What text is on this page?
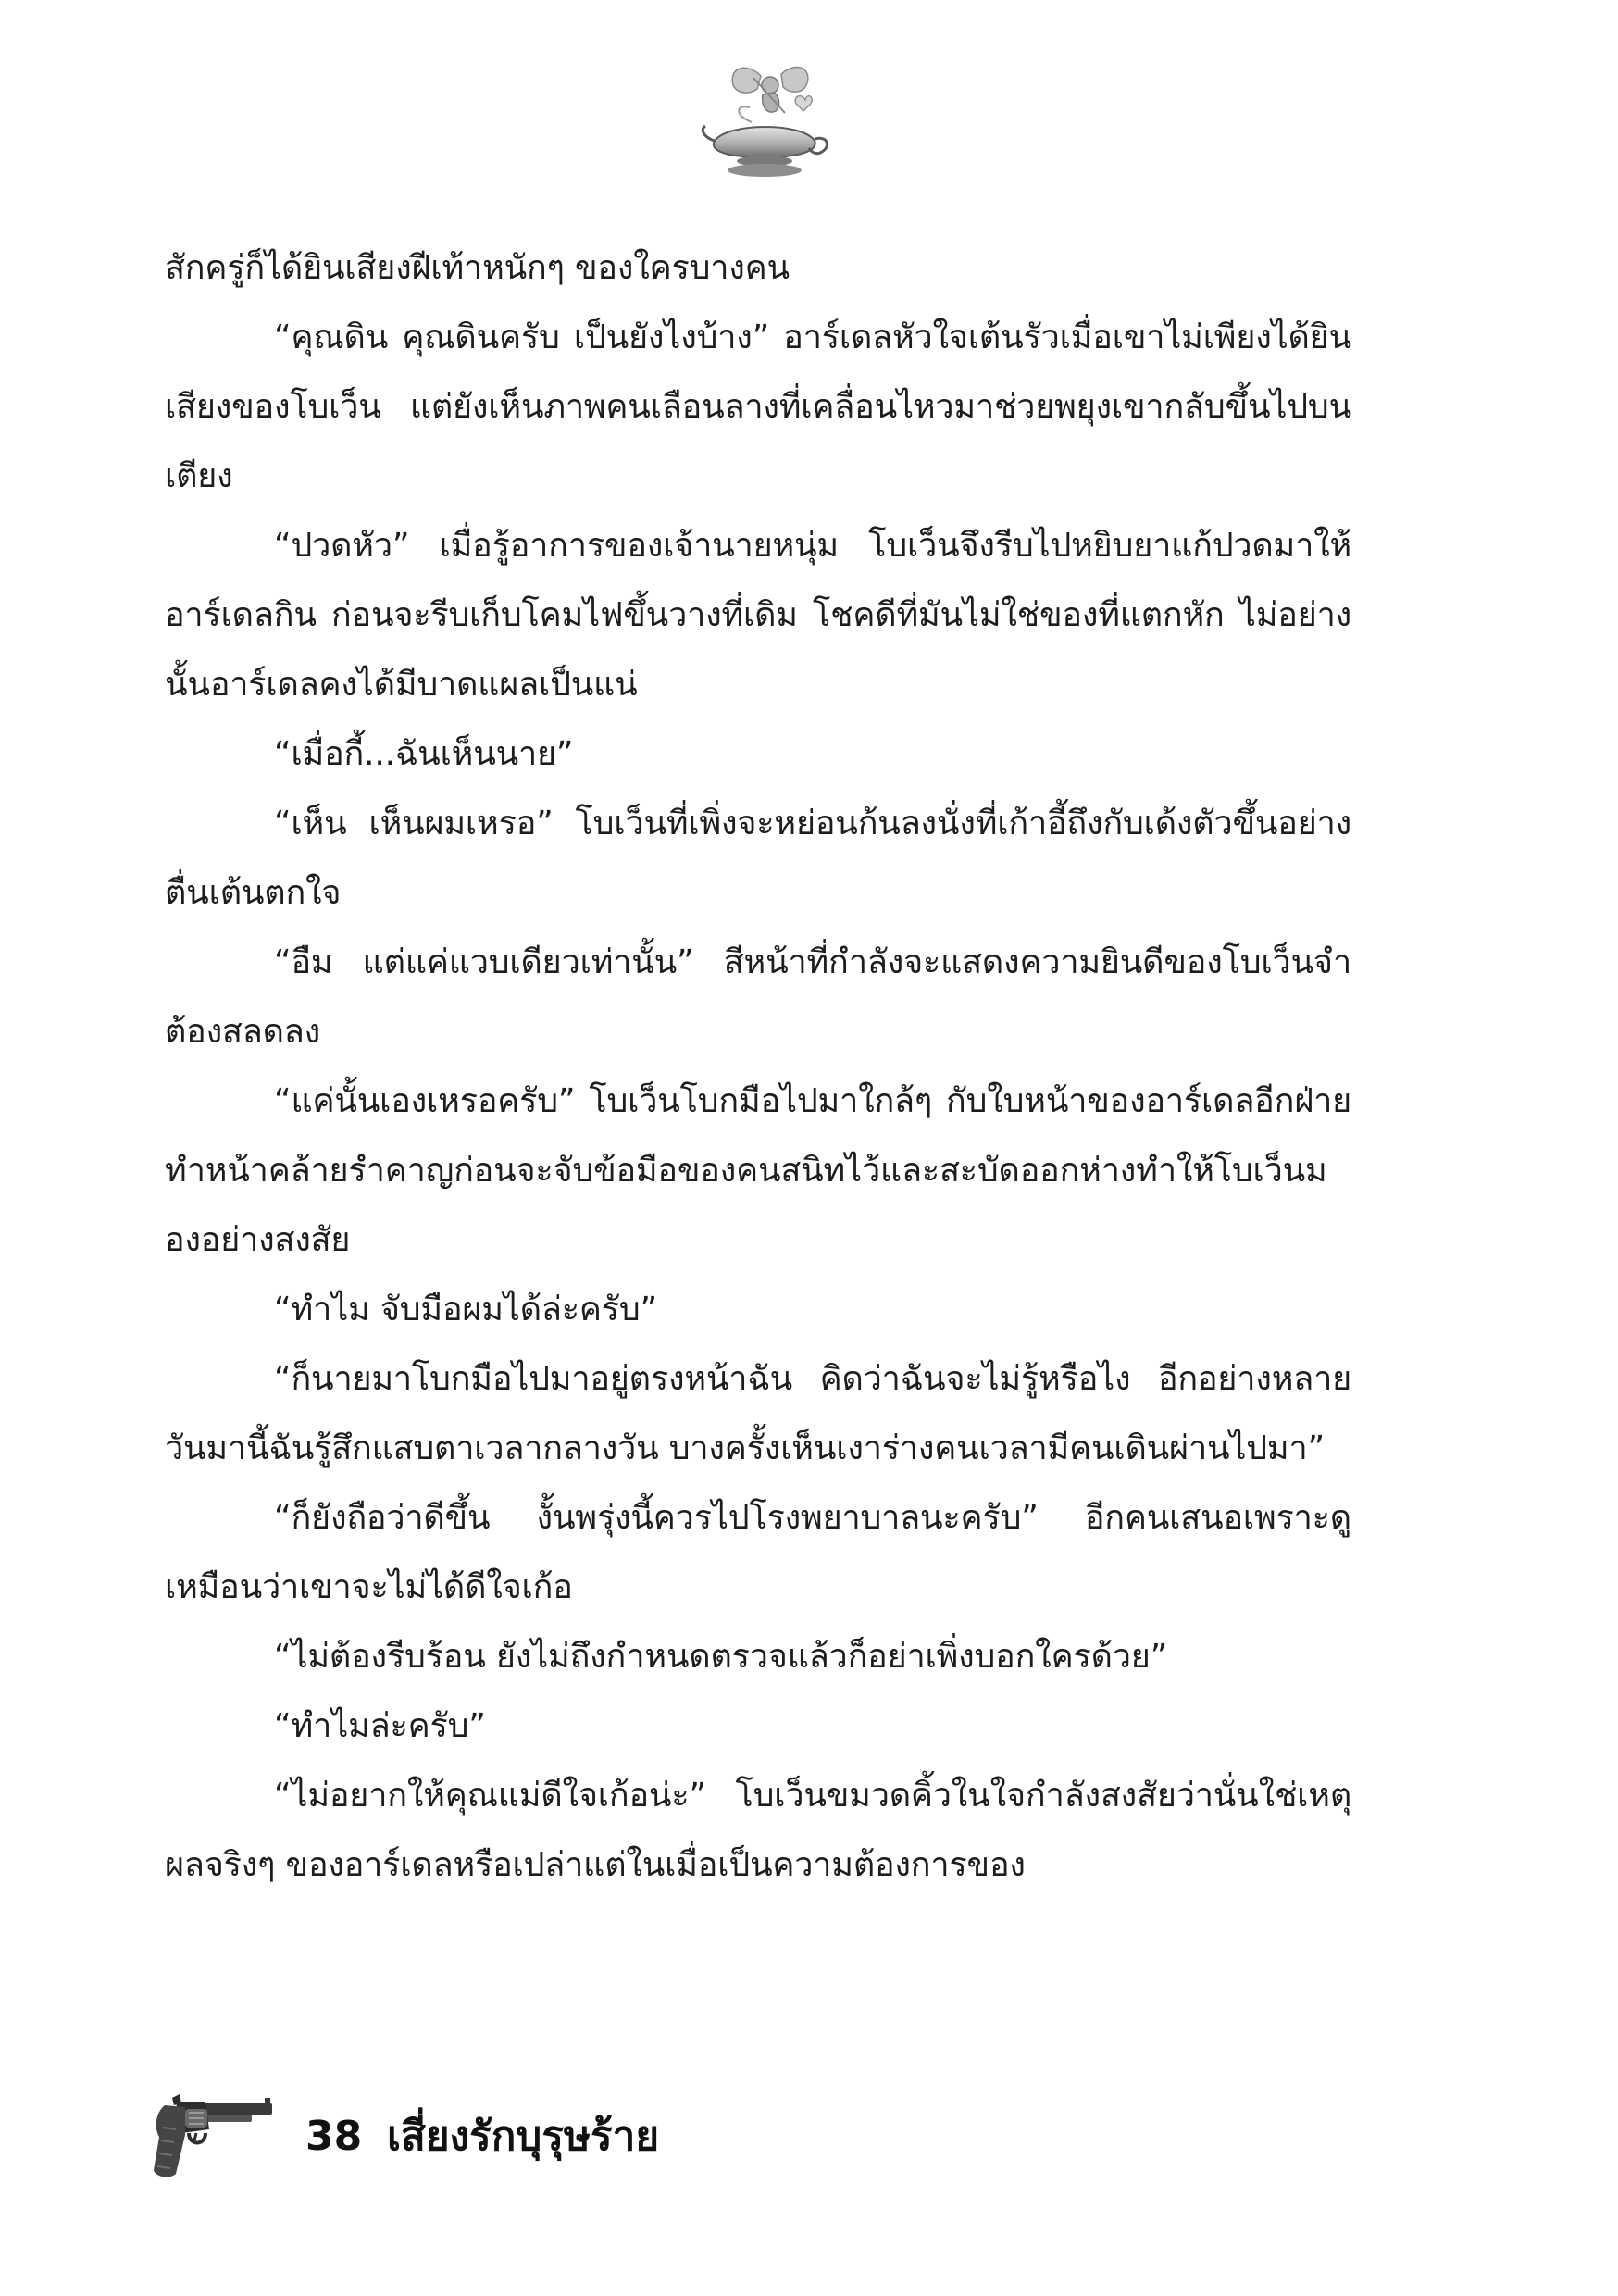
สักครู่ก็ได้ยินเสียงฝีเท้าหนักๆ ของใครบางคน

“คุณดิน คุณดินครับ เป็นยังไงบ้าง” อาร์เดลหัวใจเต้นรัวเมื่อเขาไม่เพียงได้ยินเสียงของโบเว็น แต่ยังเห็นภาพคนเลือนลางที่เคลื่อนไหวมาช่วยพยุงเขากลับขึ้นไปบนเตียง

“ปวดหัว” เมื่อรู้อาการของเจ้านายหนุ่ม โบเว็นจึงรีบไปหยิบยาแก้ปวดมาให้อาร์เดลกิน ก่อนจะรีบเก็บโคมไฟขึ้นวางที่เดิม โชคดีที่มันไม่ใช่ของที่แตกหัก ไม่อย่างนั้นอาร์เดลคงได้มีบาดแผลเป็นแน่

“เมื่อกี้...ฉันเห็นนาย”

“เห็น เห็นผมเหรอ” โบเว็นที่เพิ่งจะหย่อนก้นลงนั่งที่เก้าอี้ถึงกับเด้งตัวขึ้นอย่างตื่นเต้นตกใจ

“อืม แต่แค่แวบเดียวเท่านั้น” สีหน้าที่กำลังจะแสดงความยินดีของโบเว็นจำต้องสลดลง

“แค่นั้นเองเหรอครับ” โบเว็นโบกมือไปมาใกล้ๆ กับใบหน้าของอาร์เดลอีกฝ่ายทำหน้าคล้ายรำคาญก่อนจะจับข้อมือของคนสนิทไว้และสะบัดออกห่างทำให้โบเว็นมองอย่างสงสัย

“ทำไม จับมือผมได้ล่ะครับ”

“ก็นายมาโบกมือไปมาอยู่ตรงหน้าฉัน คิดว่าฉันจะไม่รู้หรือไง อีกอย่างหลายวันมานี้ฉันรู้สึกแสบตาเวลากลางวัน บางครั้งเห็นเงาร่างคนเวลามีคนเดินผ่านไปมา”

“ก็ยังถือว่าดีขึ้น งั้นพรุ่งนี้ควรไปโรงพยาบาลนะครับ” อีกคนเสนอเพราะดูเหมือนว่าเขาจะไม่ได้ดีใจเก้อ

“ไม่ต้องรีบร้อน ยังไม่ถึงกำหนดตรวจแล้วก็อย่าเพิ่งบอกใครด้วย”

“ทำไมล่ะครับ”

“ไม่อยากให้คุณแม่ดีใจเก้อน่ะ” โบเว็นขมวดคิ้วในใจกำลังสงสัยว่านั่นใช่เหตุผลจริงๆ ของอาร์เดลหรือเปล่าแต่ในเมื่อเป็นความต้องการของ

38 เสี่ยงรักบุรุษร้าย
